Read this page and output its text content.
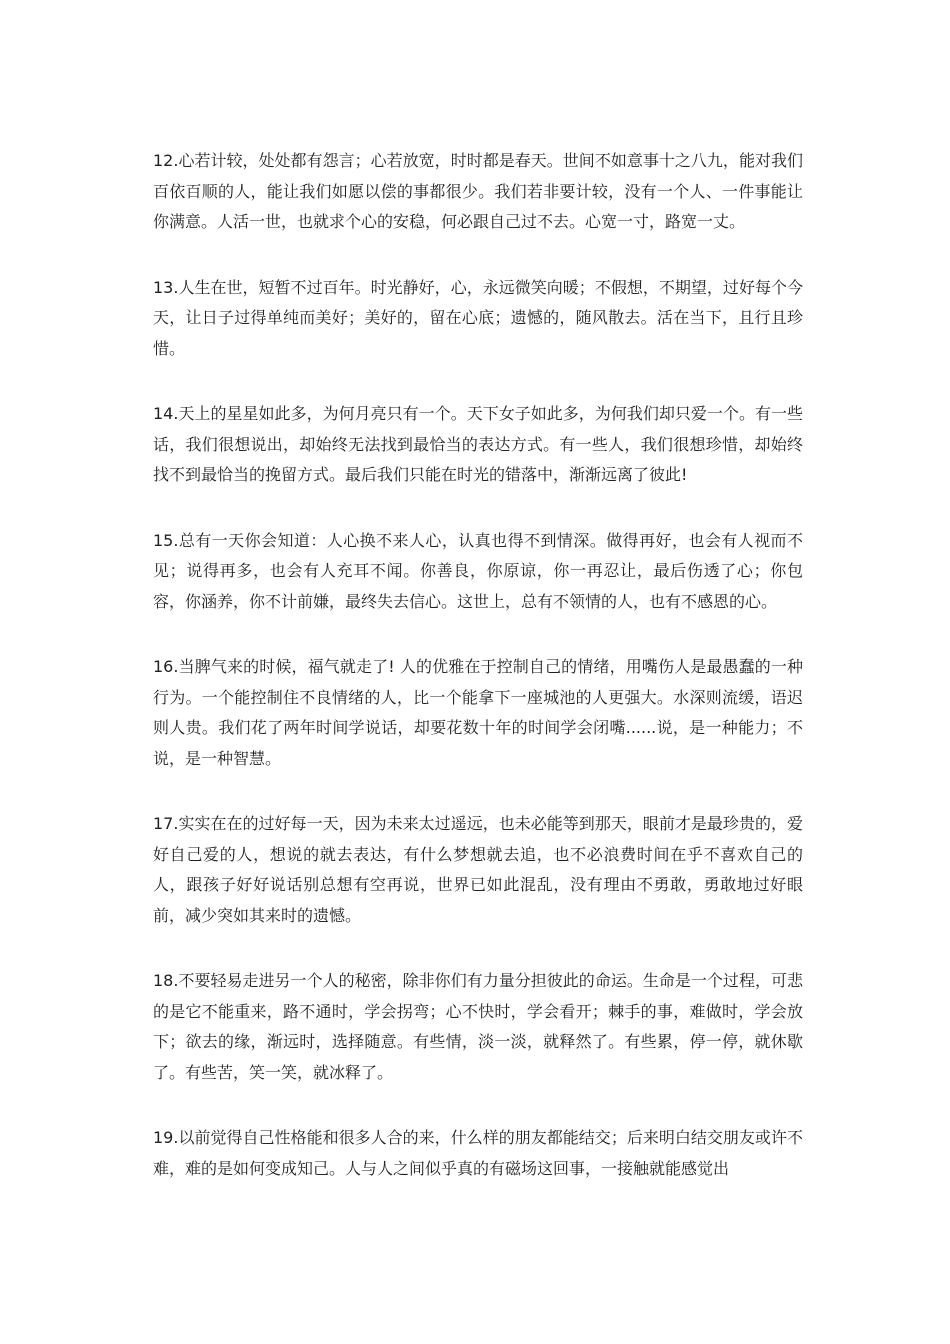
12.心若计较，处处都有怨言；心若放宽，时时都是春天。世间不如意事十之八九，能对我们百依百顺的人，能让我们如愿以偿的事都很少。我们若非要计较，没有一个人、一件事能让你满意。人活一世，也就求个心的安稳，何必跟自己过不去。心宽一寸，路宽一丈。

13.人生在世，短暂不过百年。时光静好，心，永远微笑向暖；不假想，不期望，过好每个今天，让日子过得单纯而美好；美好的，留在心底；遗憾的，随风散去。活在当下，且行且珍惜。

14.天上的星星如此多，为何月亮只有一个。天下女子如此多，为何我们却只爱一个。有一些话，我们很想说出，却始终无法找到最恰当的表达方式。有一些人，我们很想珍惜，却始终找不到最恰当的挽留方式。最后我们只能在时光的错落中，渐渐远离了彼此!

15.总有一天你会知道：人心换不来人心，认真也得不到情深。做得再好，也会有人视而不见；说得再多，也会有人充耳不闻。你善良，你原谅，你一再忍让，最后伤透了心；你包容，你涵养，你不计前嫌，最终失去信心。这世上，总有不领情的人，也有不感恩的心。

16.当脾气来的时候，福气就走了! 人的优雅在于控制自己的情绪，用嘴伤人是最愚蠢的一种行为。一个能控制住不良情绪的人，比一个能拿下一座城池的人更强大。水深则流缓，语迟则人贵。我们花了两年时间学说话，却要花数十年的时间学会闭嘴......说，是一种能力；不说，是一种智慧。

17.实实在在的过好每一天，因为未来太过遥远，也未必能等到那天，眼前才是最珍贵的，爱好自己爱的人，想说的就去表达，有什么梦想就去追，也不必浪费时间在乎不喜欢自己的人，跟孩子好好说话别总想有空再说，世界已如此混乱，没有理由不勇敢，勇敢地过好眼前，减少突如其来时的遗憾。

18.不要轻易走进另一个人的秘密，除非你们有力量分担彼此的命运。生命是一个过程，可悲的是它不能重来，路不通时，学会拐弯；心不快时，学会看开；棘手的事，难做时，学会放下；欲去的缘，渐远时，选择随意。有些情，淡一淡，就释然了。有些累，停一停，就休歇了。有些苦，笑一笑，就冰释了。

19.以前觉得自己性格能和很多人合的来，什么样的朋友都能结交；后来明白结交朋友或许不难，难的是如何变成知己。人与人之间似乎真的有磁场这回事，一接触就能感觉出
